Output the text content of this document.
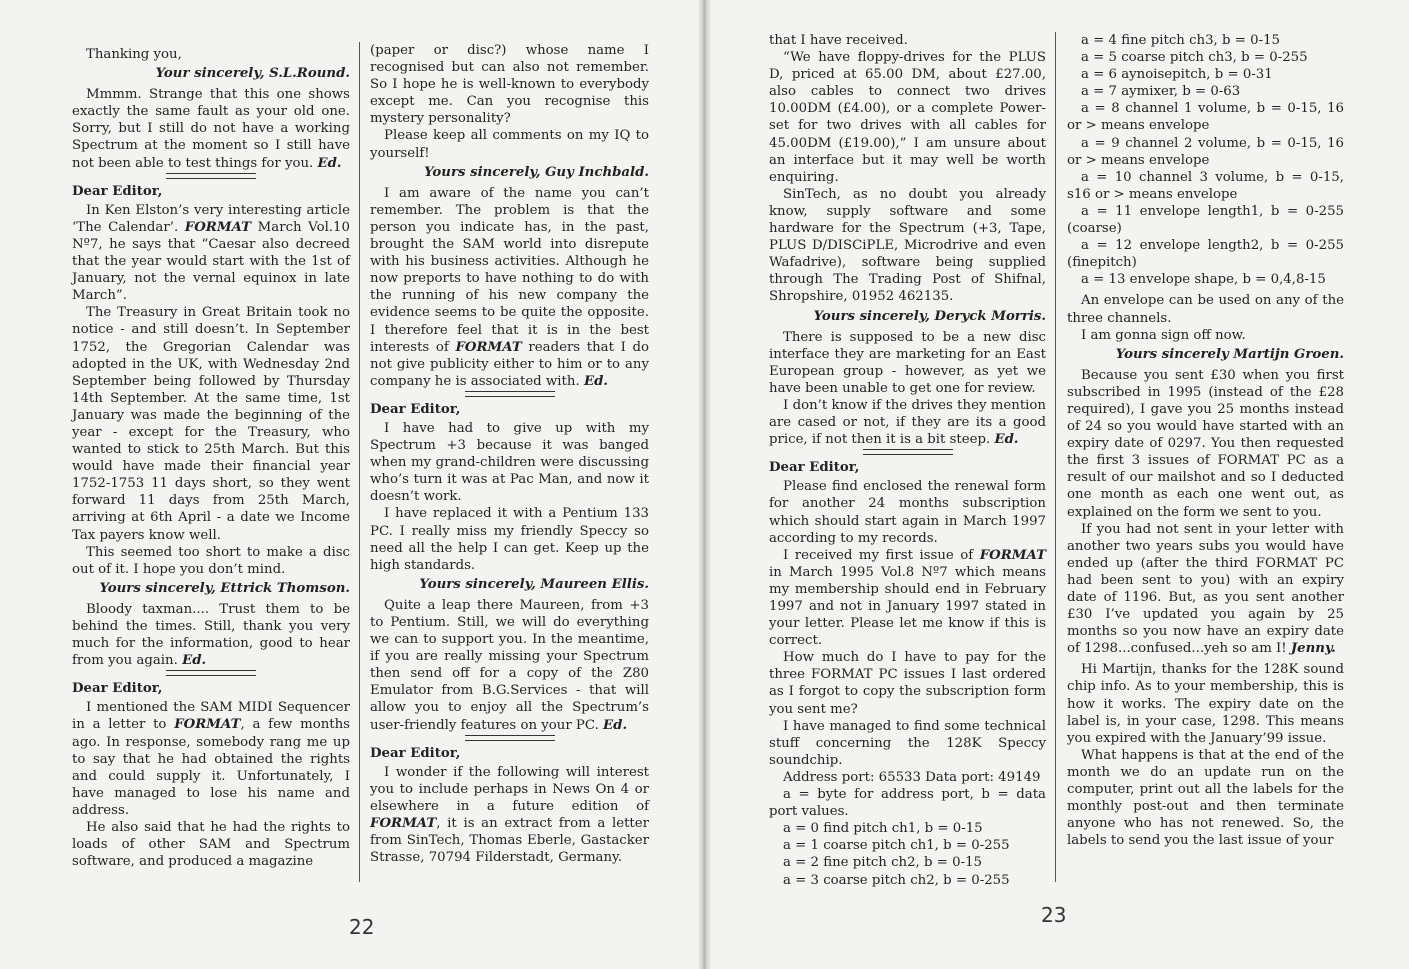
Thanking you,

Your sincerely, S.L.Round.

Mmmm. Strange that this one shows exactly the same fault as your old one. Sorry, but I still do not have a working Spectrum at the moment so I still have not been able to test things for you. Ed.

Dear Editor,

In Ken Elston’s very interesting article ‘The Calendar’. FORMAT March Vol.10 Nº7, he says that “Caesar also decreed that the year would start with the 1st of January, not the vernal equinox in late March”.

The Treasury in Great Britain took no notice - and still doesn’t. In September 1752, the Gregorian Calendar was adopted in the UK, with Wednesday 2nd September being followed by Thursday 14th September. At the same time, 1st January was made the beginning of the year - except for the Treasury, who wanted to stick to 25th March. But this would have made their financial year 1752-1753 11 days short, so they went forward 11 days from 25th March, arriving at 6th April - a date we Income Tax payers know well.

This seemed too short to make a disc out of it. I hope you don’t mind.

Yours sincerely, Ettrick Thomson.

Bloody taxman.... Trust them to be behind the times. Still, thank you very much for the information, good to hear from you again. Ed.

Dear Editor,

I mentioned the SAM MIDI Sequencer in a letter to FORMAT, a few months ago. In response, somebody rang me up to say that he had obtained the rights and could supply it. Unfortunately, I have managed to lose his name and address.

He also said that he had the rights to loads of other SAM and Spectrum software, and produced a magazine

(paper or disc?) whose name I recognised but can also not remember. So I hope he is well-known to everybody except me. Can you recognise this mystery personality?

Please keep all comments on my IQ to yourself!

Yours sincerely, Guy Inchbald.

I am aware of the name you can’t remember. The problem is that the person you indicate has, in the past, brought the SAM world into disrepute with his business activities. Although he now preports to have nothing to do with the running of his new company the evidence seems to be quite the opposite. I therefore feel that it is in the best interests of FORMAT readers that I do not give publicity either to him or to any company he is associated with. Ed.

Dear Editor,

I have had to give up with my Spectrum +3 because it was banged when my grand-children were discussing who’s turn it was at Pac Man, and now it doesn’t work.

I have replaced it with a Pentium 133 PC. I really miss my friendly Speccy so need all the help I can get. Keep up the high standards.

Yours sincerely, Maureen Ellis.

Quite a leap there Maureen, from +3 to Pentium. Still, we will do everything we can to support you. In the meantime, if you are really missing your Spectrum then send off for a copy of the Z80 Emulator from B.G.Services - that will allow you to enjoy all the Spectrum’s user-friendly features on your PC. Ed.

Dear Editor,

I wonder if the following will interest you to include perhaps in News On 4 or elsewhere in a future edition of FORMAT, it is an extract from a letter from SinTech, Thomas Eberle, Gastacker Strasse, 70794 Filderstadt, Germany.

22

that I have received.

“We have floppy-drives for the PLUS D, priced at 65.00 DM, about £27.00, also cables to connect two drives 10.00DM (£4.00), or a complete Power-set for two drives with all cables for 45.00DM (£19.00),” I am unsure about an interface but it may well be worth enquiring.

SinTech, as no doubt you already know, supply software and some hardware for the Spectrum (+3, Tape, PLUS D/DISCiPLE, Microdrive and even Wafadrive), software being supplied through The Trading Post of Shifnal, Shropshire, 01952 462135.

Yours sincerely, Deryck Morris.

There is supposed to be a new disc interface they are marketing for an East European group - however, as yet we have been unable to get one for review.

I don’t know if the drives they mention are cased or not, if they are its a good price, if not then it is a bit steep. Ed.

Dear Editor,

Please find enclosed the renewal form for another 24 months subscription which should start again in March 1997 according to my records.

I received my first issue of FORMAT in March 1995 Vol.8 Nº7 which means my membership should end in February 1997 and not in January 1997 stated in your letter. Please let me know if this is correct.

How much do I have to pay for the three FORMAT PC issues I last ordered as I forgot to copy the subscription form you sent me?

I have managed to find some technical stuff concerning the 128K Speccy soundchip.

Address port: 65533 Data port: 49149

a = byte for address port, b = data port values.

a = 0 find pitch ch1, b = 0-15

a = 1 coarse pitch ch1, b = 0-255

a = 2 fine pitch ch2, b = 0-15

a = 3 coarse pitch ch2, b = 0-255

a = 4 fine pitch ch3, b = 0-15

a = 5 coarse pitch ch3, b = 0-255

a = 6 aynoisepitch, b = 0-31

a = 7 aymixer, b = 0-63

a = 8 channel 1 volume, b = 0-15, 16 or > means envelope

a = 9 channel 2 volume, b = 0-15, 16 or > means envelope

a = 10 channel 3 volume, b = 0-15, s16 or > means envelope

a = 11 envelope length1, b = 0-255 (coarse)

a = 12 envelope length2, b = 0-255 (finepitch)

a = 13 envelope shape, b = 0,4,8-15

An envelope can be used on any of the three channels.

I am gonna sign off now.

Yours sincerely Martijn Groen.

Because you sent £30 when you first subscribed in 1995 (instead of the £28 required), I gave you 25 months instead of 24 so you would have started with an expiry date of 0297. You then requested the first 3 issues of FORMAT PC as a result of our mailshot and so I deducted one month as each one went out, as explained on the form we sent to you.

If you had not sent in your letter with another two years subs you would have ended up (after the third FORMAT PC had been sent to you) with an expiry date of 1196. But, as you sent another £30 I’ve updated you again by 25 months so you now have an expiry date of 1298...confused...yeh so am I! Jenny.

Hi Martijn, thanks for the 128K sound chip info. As to your membership, this is how it works. The expiry date on the label is, in your case, 1298. This means you expired with the January’99 issue.

What happens is that at the end of the month we do an update run on the computer, print out all the labels for the monthly post-out and then terminate anyone who has not renewed. So, the labels to send you the last issue of your

23
